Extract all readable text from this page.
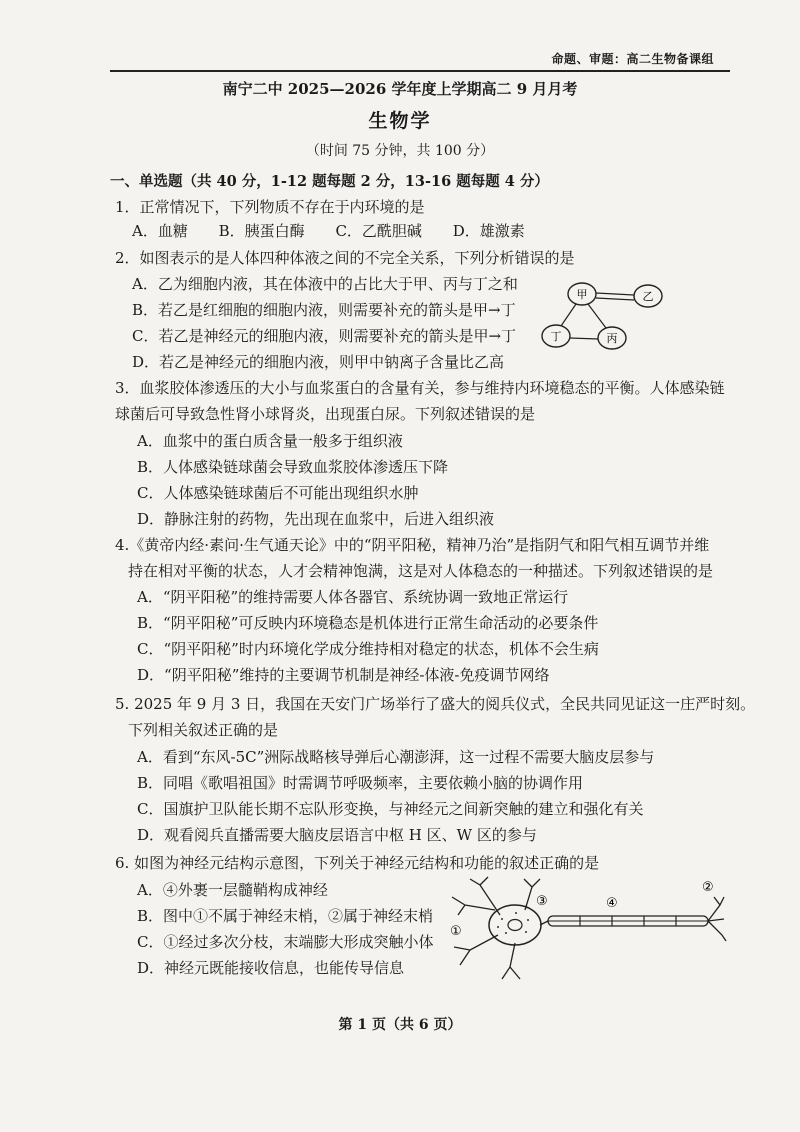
命题、审题：高二生物备课组
南宁二中 2025—2026 学年度上学期高二 9 月月考
生物学
（时间 75 分钟，共 100 分）
一、单选题（共 40 分，1-12 题每题 2 分，13-16 题每题 4 分）
1．正常情况下，下列物质不存在于内环境的是
A．血糖 B．胰蛋白酶 C．乙酰胆碱 D．雄激素
2．如图表示的是人体四种体液之间的不完全关系，下列分析错误的是
A．乙为细胞内液，其在体液中的占比大于甲、丙与丁之和
B．若乙是红细胞的细胞内液，则需要补充的箭头是甲→丁
C．若乙是神经元的细胞内液，则需要补充的箭头是甲→丁
D．若乙是神经元的细胞内液，则甲中钠离子含量比乙高
甲	乙
丁	丙
3．血浆胶体渗透压的大小与血浆蛋白的含量有关，参与维持内环境稳态的平衡。人体感染链
球菌后可导致急性肾小球肾炎，出现蛋白尿。下列叙述错误的是
A．血浆中的蛋白质含量一般多于组织液
B．人体感染链球菌会导致血浆胶体渗透压下降
C．人体感染链球菌后不可能出现组织水肿
D．静脉注射的药物，先出现在血浆中，后进入组织液
4.《黄帝内经·素问·生气通天论》中的“阴平阳秘，精神乃治”是指阴气和阳气相互调节并维
持在相对平衡的状态，人才会精神饱满，这是对人体稳态的一种描述。下列叙述错误的是
A．“阴平阳秘”的维持需要人体各器官、系统协调一致地正常运行
B．“阴平阳秘”可反映内环境稳态是机体进行正常生命活动的必要条件
C．“阴平阳秘”时内环境化学成分维持相对稳定的状态，机体不会生病
D．“阴平阳秘”维持的主要调节机制是神经-体液-免疫调节网络
5. 2025 年 9 月 3 日，我国在天安门广场举行了盛大的阅兵仪式，全民共同见证这一庄严时刻。
下列相关叙述正确的是
A．看到“东风-5C”洲际战略核导弹后心潮澎湃，这一过程不需要大脑皮层参与
B．同唱《歌唱祖国》时需调节呼吸频率，主要依赖小脑的协调作用
C．国旗护卫队能长期不忘队形变换，与神经元之间新突触的建立和强化有关
D．观看阅兵直播需要大脑皮层语言中枢 H 区、W 区的参与
6. 如图为神经元结构示意图，下列关于神经元结构和功能的叙述正确的是
A．④外裹一层髓鞘构成神经
B．图中①不属于神经末梢，②属于神经末梢
C．①经过多次分枝，末端膨大形成突触小体
D．神经元既能接收信息，也能传导信息
①
②
③	④
第 1 页（共 6 页）
